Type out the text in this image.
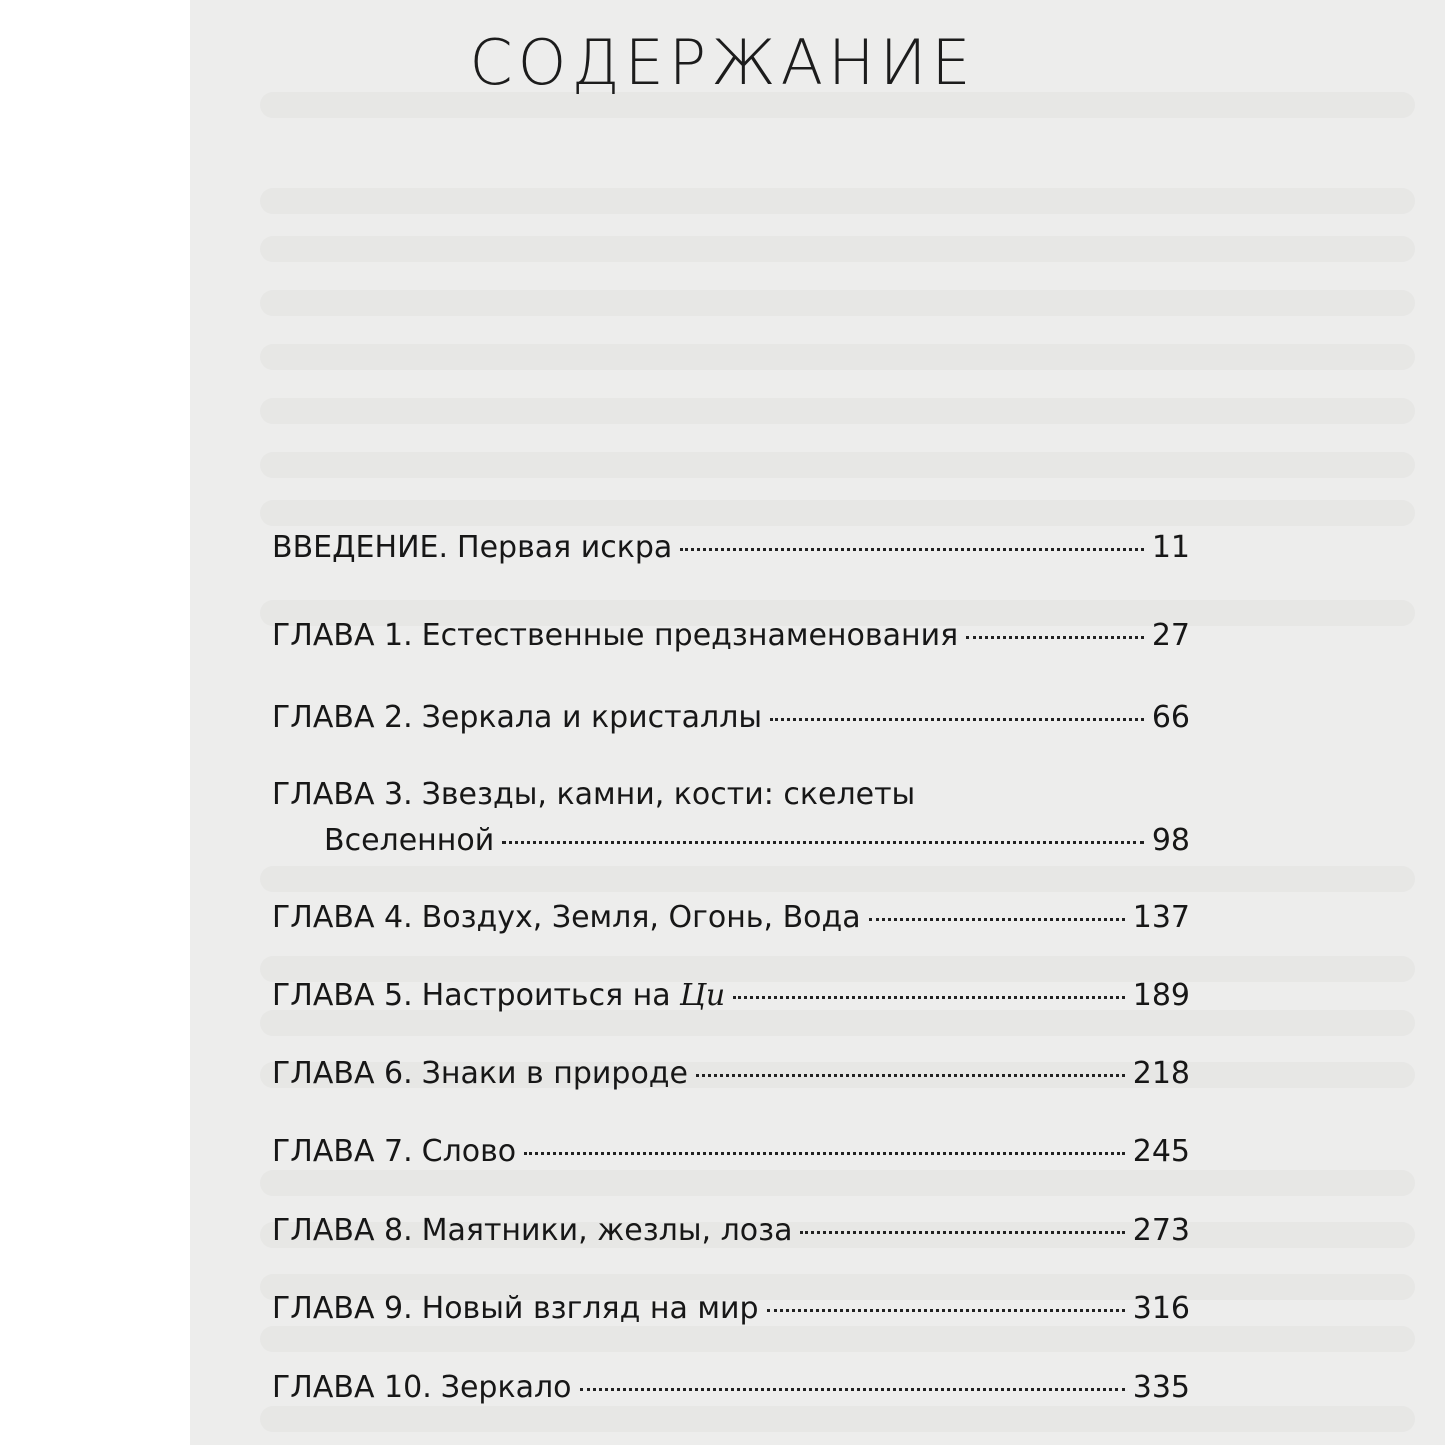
СОДЕРЖАНИЕ
ВВЕДЕНИЕ. Первая искра	11
ГЛАВА 1. Естественные предзнаменования	27
ГЛАВА 2. Зеркала и кристаллы	66
ГЛАВА 3. Звезды, камни, кости: скелеты
Вселенной	98
ГЛАВА 4. Воздух, Земля, Огонь, Вода	137
ГЛАВА 5. Настроиться на Ци	189
ГЛАВА 6. Знаки в природе	218
ГЛАВА 7. Слово	245
ГЛАВА 8. Маятники, жезлы, лоза	273
ГЛАВА 9. Новый взгляд на мир	316
ГЛАВА 10. Зеркало	335
